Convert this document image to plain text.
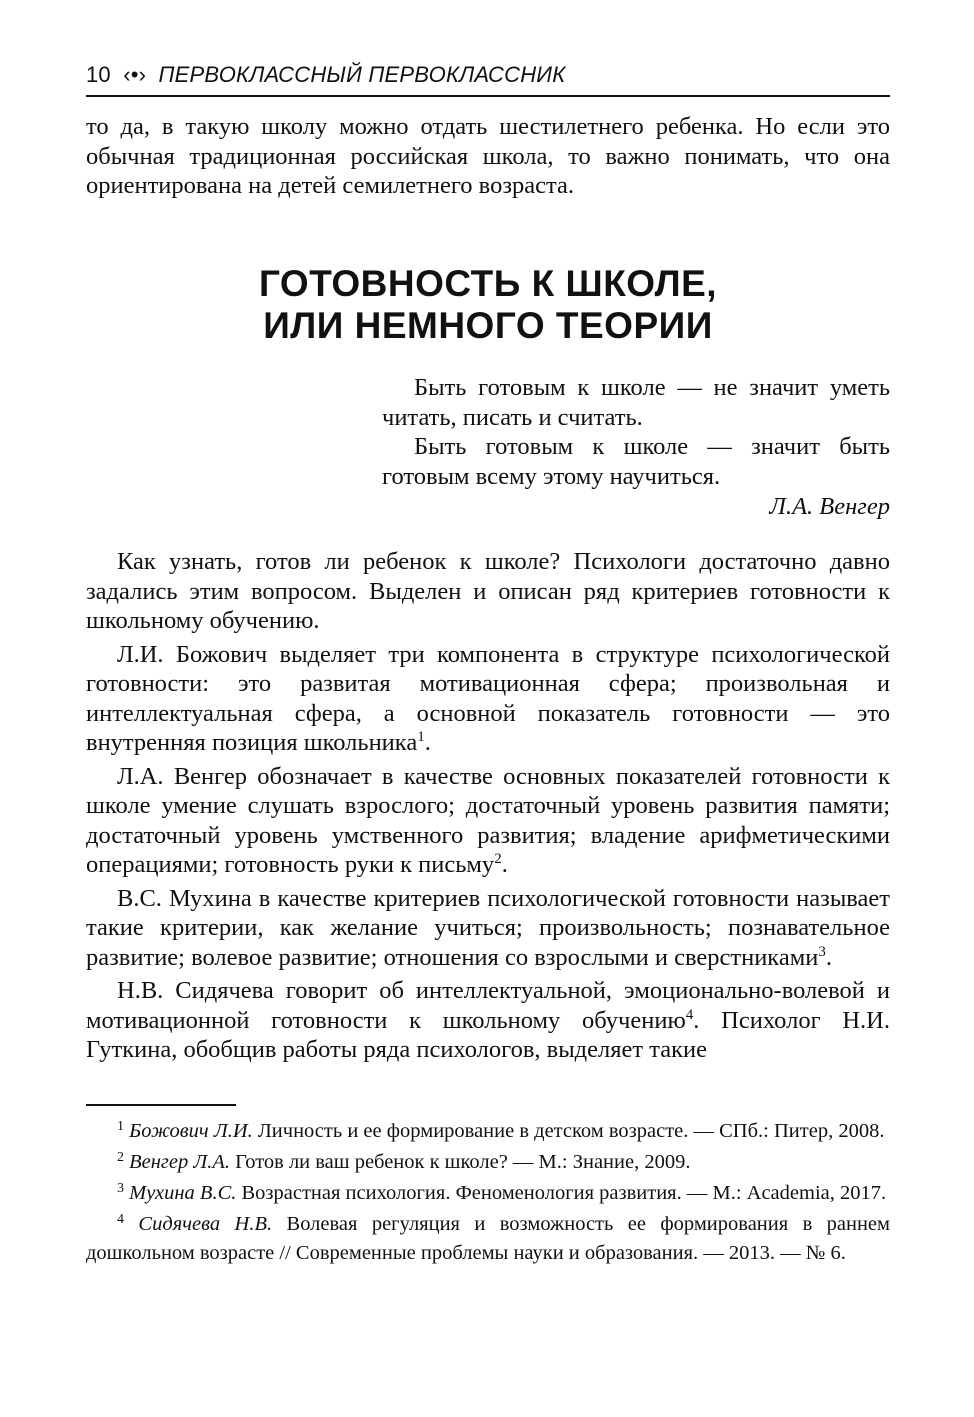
10 ‹•› ПЕРВОКЛАССНЫЙ ПЕРВОКЛАССНИК

то да, в такую школу можно отдать шестилетнего ребенка. Но если это обычная традиционная российская школа, то важно понимать, что она ориентирована на детей семилетнего возраста.

ГОТОВНОСТЬ К ШКОЛЕ,
ИЛИ НЕМНОГО ТЕОРИИ

Быть готовым к школе — не значит уметь читать, писать и считать.

Быть готовым к школе — значит быть готовым всему этому научиться.

Л.А. Венгер

Как узнать, готов ли ребенок к школе? Психологи достаточно давно задались этим вопросом. Выделен и описан ряд критериев готовности к школьному обучению.

Л.И. Божович выделяет три компонента в структуре психологической готовности: это развитая мотивационная сфера; произвольная и интеллектуальная сфера, а основной показатель готовности — это внутренняя позиция школьника$^1$.

Л.А. Венгер обозначает в качестве основных показателей готовности к школе умение слушать взрослого; достаточный уровень развития памяти; достаточный уровень умственного развития; владение арифметическими операциями; готовность руки к письму$^2$.

В.С. Мухина в качестве критериев психологической готовности называет такие критерии, как желание учиться; произвольность; познавательное развитие; волевое развитие; отношения со взрослыми и сверстниками$^3$.

Н.В. Сидячева говорит об интеллектуальной, эмоционально-волевой и мотивационной готовности к школьному обучению$^4$. Психолог Н.И. Гуткина, обобщив работы ряда психологов, выделяет такие

$^1$ Божович Л.И. Личность и ее формирование в детском возрасте. — СПб.: Питер, 2008.

$^2$ Венгер Л.А. Готов ли ваш ребенок к школе? — М.: Знание, 2009.

$^3$ Мухина В.С. Возрастная психология. Феноменология развития. — М.: Academia, 2017.

$^4$ Сидячева Н.В. Волевая регуляция и возможность ее формирования в раннем дошкольном возрасте // Современные проблемы науки и образования. — 2013. — № 6.
